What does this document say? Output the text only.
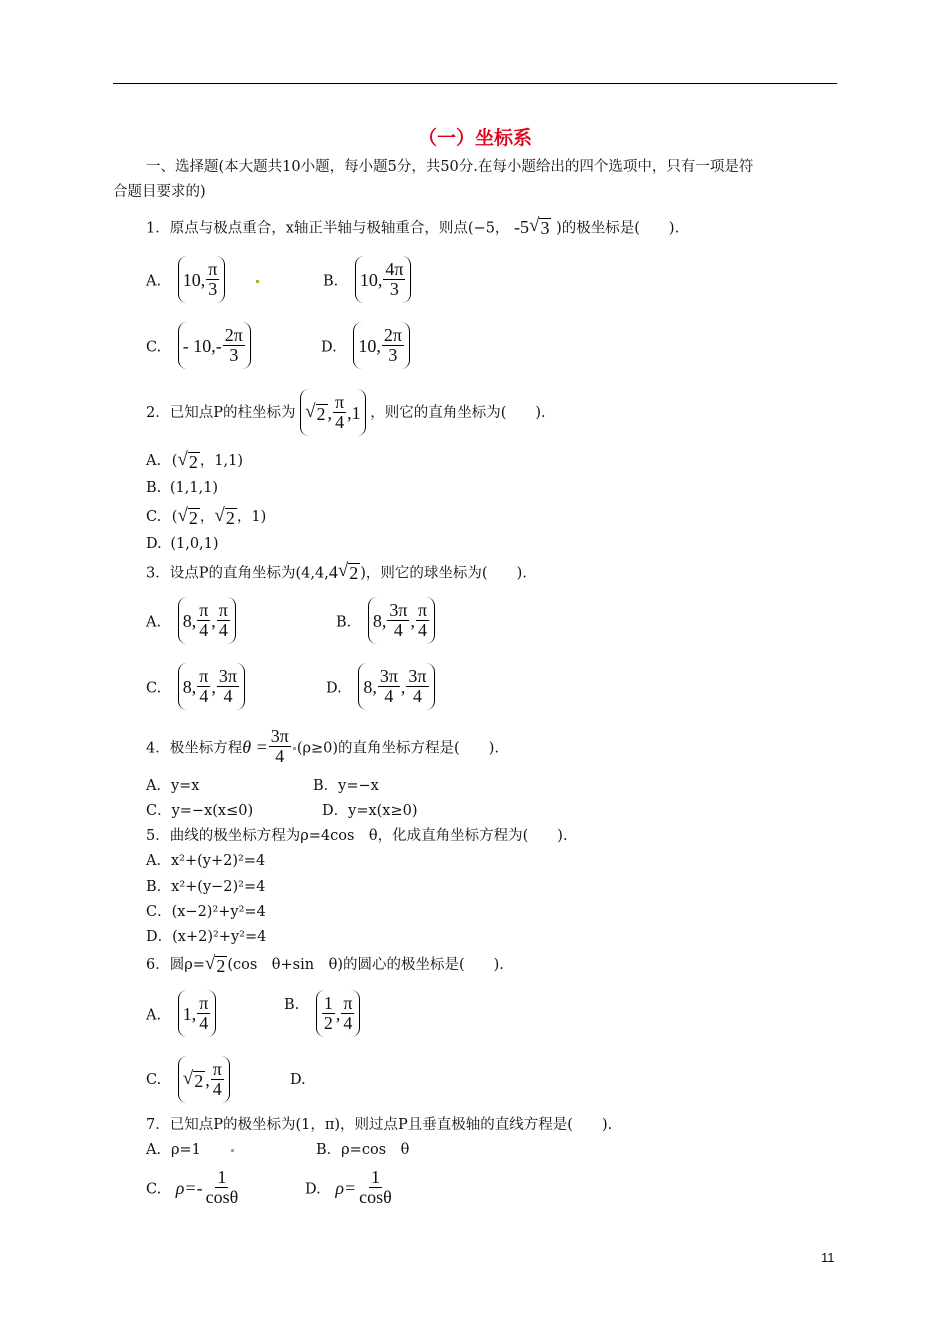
（一）坐标系
一、选择题(本大题共10小题，每小题5分，共50分.在每小题给出的四个选项中，只有一项是符
合题目要求的)
1．原点与极点重合，x轴正半轴与极轴重合，则点(−5， -5 √ 3 )的极坐标是(　　).
A. 10, $\frac{\pi}{3}$
	B. 10, $\frac{4\pi}{3}$
C. - $10,- \frac{2\pi}{3}$	D. 10, $\frac{2\pi}{3}$
2．已知点P的柱坐标为 √ 2 , $\frac{\pi}{4} ,1$ ，则它的直角坐标为(　　).
A. ( √ 2 ，1,1)
B. (1,1,1)
C. ( √ 2 ， √ 2 ，1)
D. (1,0,1)
3．设点P的直角坐标为(4,4, 4 √ 2 )，则它的球坐标为(　　).
A. 8, $\frac{\pi}{4}$ , $\frac{\pi}{4}$	B. 8, $\frac{3\pi}{4}$ , $\frac{\pi}{4}$
C. 8, $\frac{\pi}{4}$ , $\frac{3\pi}{4}$	D. 8, $\frac{3\pi}{4}$ , $\frac{3\pi}{4}$
4．极坐标方程 $\theta = \frac{3\pi}{4} (\rho\ge 0)$的直角坐标方程是(　　).
A．y=x	B．y=−x
C．y=−x(x≤0)	D．y=x(x≥0)
5．曲线的极坐标方程为ρ=4cos　θ，化成直角坐标方程为(　　).
A．x²+(y+2)²=4
B．x²+(y−2)²=4
C．(x−2)²+y²=4
D．(x+2)²+y²=4
6．圆ρ= √ 2 (cos　θ+sin　θ)的圆心的极坐标是(　　).
A. 1, $\frac{\pi}{4}$	B. $\frac{1}{2}$ , $\frac{\pi}{4}$
C. √ 2 , $\frac{\pi}{4}$	D.
7．已知点P的极坐标为(1，π)，则过点P且垂直极轴的直线方程是(　　).
A．ρ=1	B．ρ=cos　θ
C. $\rho=- \frac{1}{\cos\theta}$	D. $\rho= \frac{1}{\cos\theta}$
11
